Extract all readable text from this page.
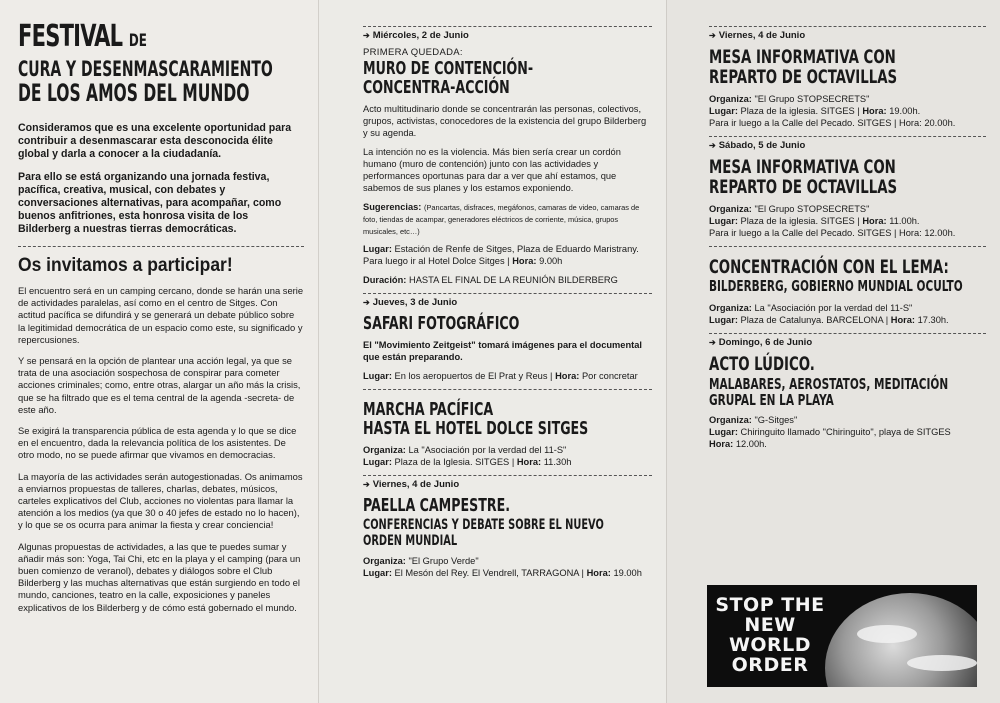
FESTIVAL DE
CURA Y DESENMASCARAMIENTO
DE LOS AMOS DEL MUNDO

Consideramos que es una excelente oportunidad para contribuir a desenmascarar esta desconocida élite global y darla a conocer a la ciudadanía.

Para ello se está organizando una jornada festiva, pacífica, creativa, musical, con debates y conversaciones alternativas, para acompañar, como buenos anfitriones, esta honrosa visita de los Bilderberg a nuestras tierras democráticas.

Os invitamos a participar!

El encuentro será en un camping cercano, donde se harán una serie de actividades paralelas, así como en el centro de Sitges. Con actitud pacífica se difundirá y se generará un debate público sobre la legitimidad democrática de un espacio como este, su significado y repercusiones.

Y se pensará en la opción de plantear una acción legal, ya que se trata de una asociación sospechosa de conspirar para cometer acciones criminales; como, entre otras, alargar un año más la crisis, que se ha filtrado que es el tema central de la agenda -secreta- de este año.

Se exigirá la transparencia pública de esta agenda y lo que se dice en el encuentro, dada la relevancia política de los asistentes. De otro modo, no se puede afirmar que vivamos en democracias.

La mayoría de las actividades serán autogestionadas. Os animamos a enviarnos propuestas de talleres, charlas, debates, músicos, carteles explicativos del Club, acciones no violentas para llamar la atención a los medios (ya que 30 o 40 jefes de estado no lo hacen), y lo que se os ocurra para animar la fiesta y crear conciencia!

Algunas propuestas de actividades, a las que te puedes sumar y añadir más son: Yoga, Tai Chi, etc en la playa y el camping (para un buen comienzo de veranol), debates y diálogos sobre el Club Bilderberg y las muchas alternativas que están surgiendo en todo el mundo, canciones, teatro en la calle, exposiciones y paneles explicativos de los Bilderberg y de cómo está gobernado el mundo.

➔ Miércoles, 2 de Junio
PRIMERA QUEDADA:
MURO DE CONTENCIÓN-
CONCENTRA-ACCIÓN
Acto multitudinario donde se concentrarán las personas, colectivos, grupos, activistas, conocedores de la existencia del grupo Bilderberg y su agenda.
La intención no es la violencia. Más bien sería crear un cordón humano (muro de contención) junto con las actividades y performances oportunas para dar a ver que ahí estamos, que sabemos de sus planes y los estamos exponiendo.
Sugerencias: (Pancartas, disfraces, megáfonos, camaras de video, camaras de foto, tiendas de acampar, generadores eléctricos de corriente, música, grupos musicales, etc…)
Lugar: Estación de Renfe de Sitges, Plaza de Eduardo Maristrany. Para luego ir al Hotel Dolce Sitges | Hora: 9.00h
Duración: HASTA EL FINAL DE LA REUNIÓN BILDERBERG
➔ Jueves, 3 de Junio
SAFARI FOTOGRÁFICO
El "Movimiento Zeitgeist" tomará imágenes para el documental que están preparando.
Lugar: En los aeropuertos de El Prat y Reus | Hora: Por concretar
MARCHA PACÍFICA
HASTA EL HOTEL DOLCE SITGES
Organiza: La "Asociación por la verdad del 11-S"
Lugar: Plaza de la Iglesia. SITGES | Hora: 11.30h
➔ Viernes, 4 de Junio
PAELLA CAMPESTRE.
CONFERENCIAS Y DEBATE SOBRE EL NUEVO
ORDEN MUNDIAL
Organiza: "El Grupo Verde"
Lugar: El Mesón del Rey. El Vendrell, TARRAGONA | Hora: 19.00h
➔ Viernes, 4 de Junio
MESA INFORMATIVA CON
REPARTO DE OCTAVILLAS
Organiza: "El Grupo STOPSECRETS"
Lugar: Plaza de la iglesia. SITGES | Hora: 19.00h.
Para ir luego a la Calle del Pecado. SITGES | Hora: 20.00h.
➔ Sábado, 5 de Junio
MESA INFORMATIVA CON
REPARTO DE OCTAVILLAS
Organiza: "El Grupo STOPSECRETS"
Lugar: Plaza de la iglesia. SITGES | Hora: 11.00h.
Para ir luego a la Calle del Pecado. SITGES | Hora: 12.00h.
CONCENTRACIÓN CON EL LEMA:
BILDERBERG, GOBIERNO MUNDIAL OCULTO
Organiza: La "Asociación por la verdad del 11-S"
Lugar: Plaza de Catalunya. BARCELONA | Hora: 17.30h.
➔ Domingo, 6 de Junio
ACTO LÚDICO.
MALABARES, AEROSTATOS, MEDITACIÓN
GRUPAL EN LA PLAYA
Organiza: "G-Sitges"
Lugar: Chiringuito llamado "Chiringuito", playa de SITGES
Hora: 12.00h.
STOP THE
NEW
WORLD
ORDER
